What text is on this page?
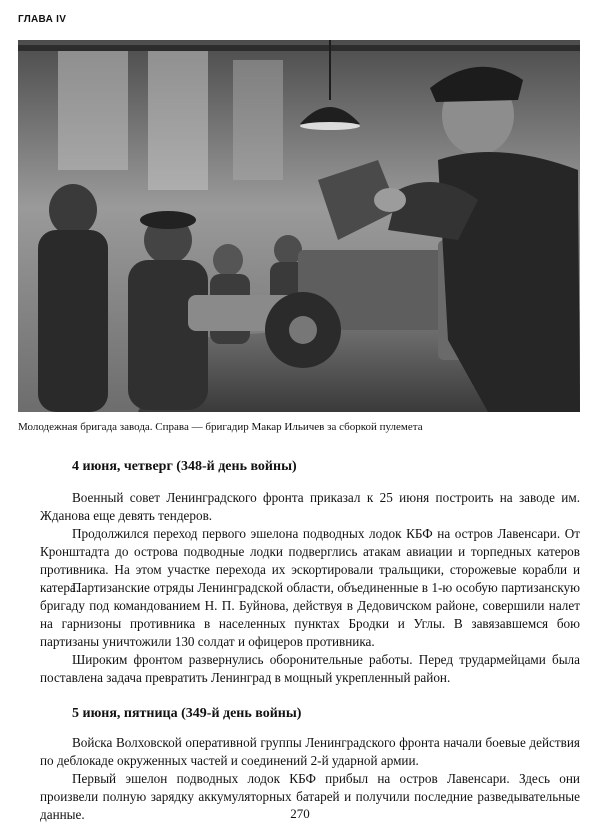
ГЛАВА IV
Молодежная бригада завода. Справа — бригадир Макар Ильичев за сборкой пулемета
4 июня, четверг (348-й день войны)

Военный совет Ленинградского фронта приказал к 25 июня построить на заводе им. Жданова еще девять тендеров.

Продолжился переход первого эшелона подводных лодок КБФ на остров Лавенсари. От Кронштадта до острова подводные лодки подверглись атакам авиации и торпедных катеров противника. На этом участке перехода их эскортировали тральщики, сторожевые корабли и катера.

Партизанские отряды Ленинградской области, объединенные в 1-ю особую партизанскую бригаду под командованием Н. П. Буйнова, действуя в Дедовичском районе, совершили налет на гарнизоны противника в населенных пунктах Бродки и Углы. В завязавшемся бою партизаны уничтожили 130 солдат и офицеров противника.

Широким фронтом развернулись оборонительные работы. Перед трудармейцами была поставлена задача превратить Ленинград в мощный укрепленный район.

5 июня, пятница (349-й день войны)

Войска Волховской оперативной группы Ленинградского фронта начали боевые действия по деблокаде окруженных частей и соединений 2-й ударной армии.

Первый эшелон подводных лодок КБФ прибыл на остров Лавенсари. Здесь они произвели полную зарядку аккумуляторных батарей и получили последние разведывательные данные.	270
